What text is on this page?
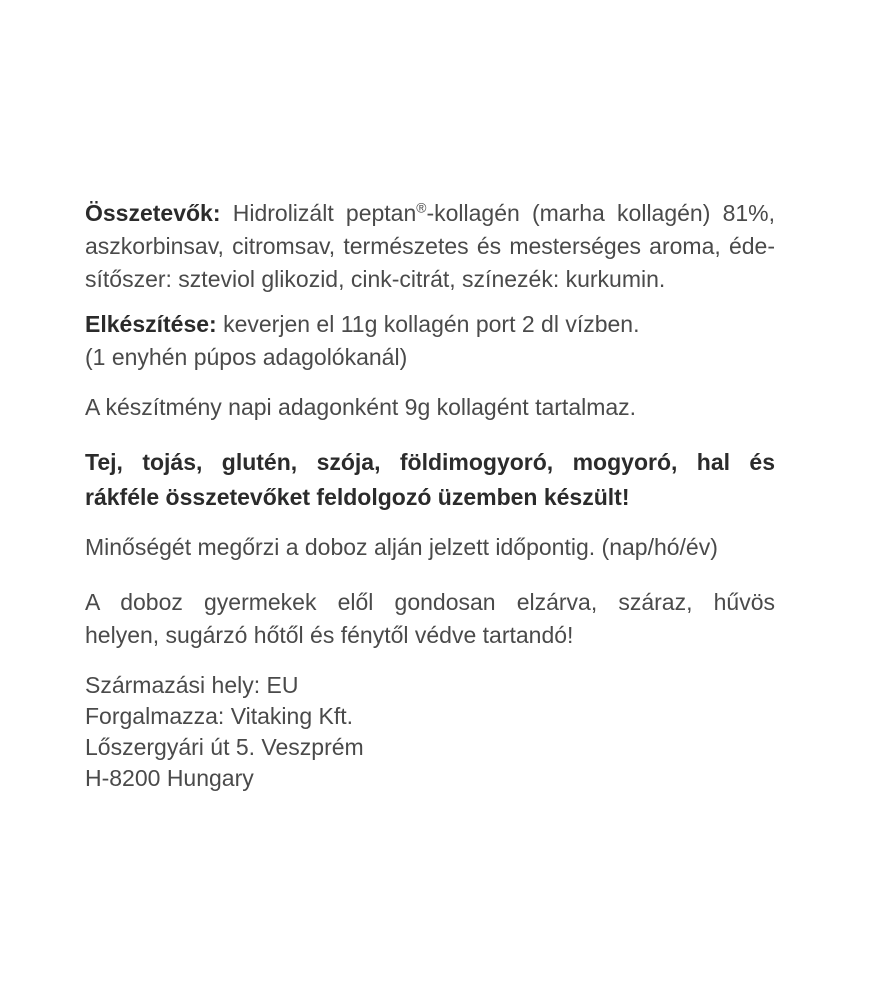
Összetevők: Hidrolizált peptan®-kollagén (marha kollagén) 81%,
aszkorbinsav, citromsav, természetes és mesterséges aroma, éde-
sítőszer: szteviol glikozid, cink-citrát, színezék: kurkumin.

Elkészítése: keverjen el 11g kollagén port 2 dl vízben.
(1 enyhén púpos adagolókanál)

A készítmény napi adagonként 9g kollagént tartalmaz.

Tej, tojás, glutén, szója, földimogyoró, mogyoró, hal és
rákféle összetevőket feldolgozó üzemben készült!

Minőségét megőrzi a doboz alján jelzett időpontig. (nap/hó/év)

A doboz gyermekek elől gondosan elzárva, száraz, hűvös
helyen, sugárzó hőtől és fénytől védve tartandó!

Származási hely: EU
Forgalmazza: Vitaking Kft.
Lőszergyári út 5. Veszprém
H-8200 Hungary
